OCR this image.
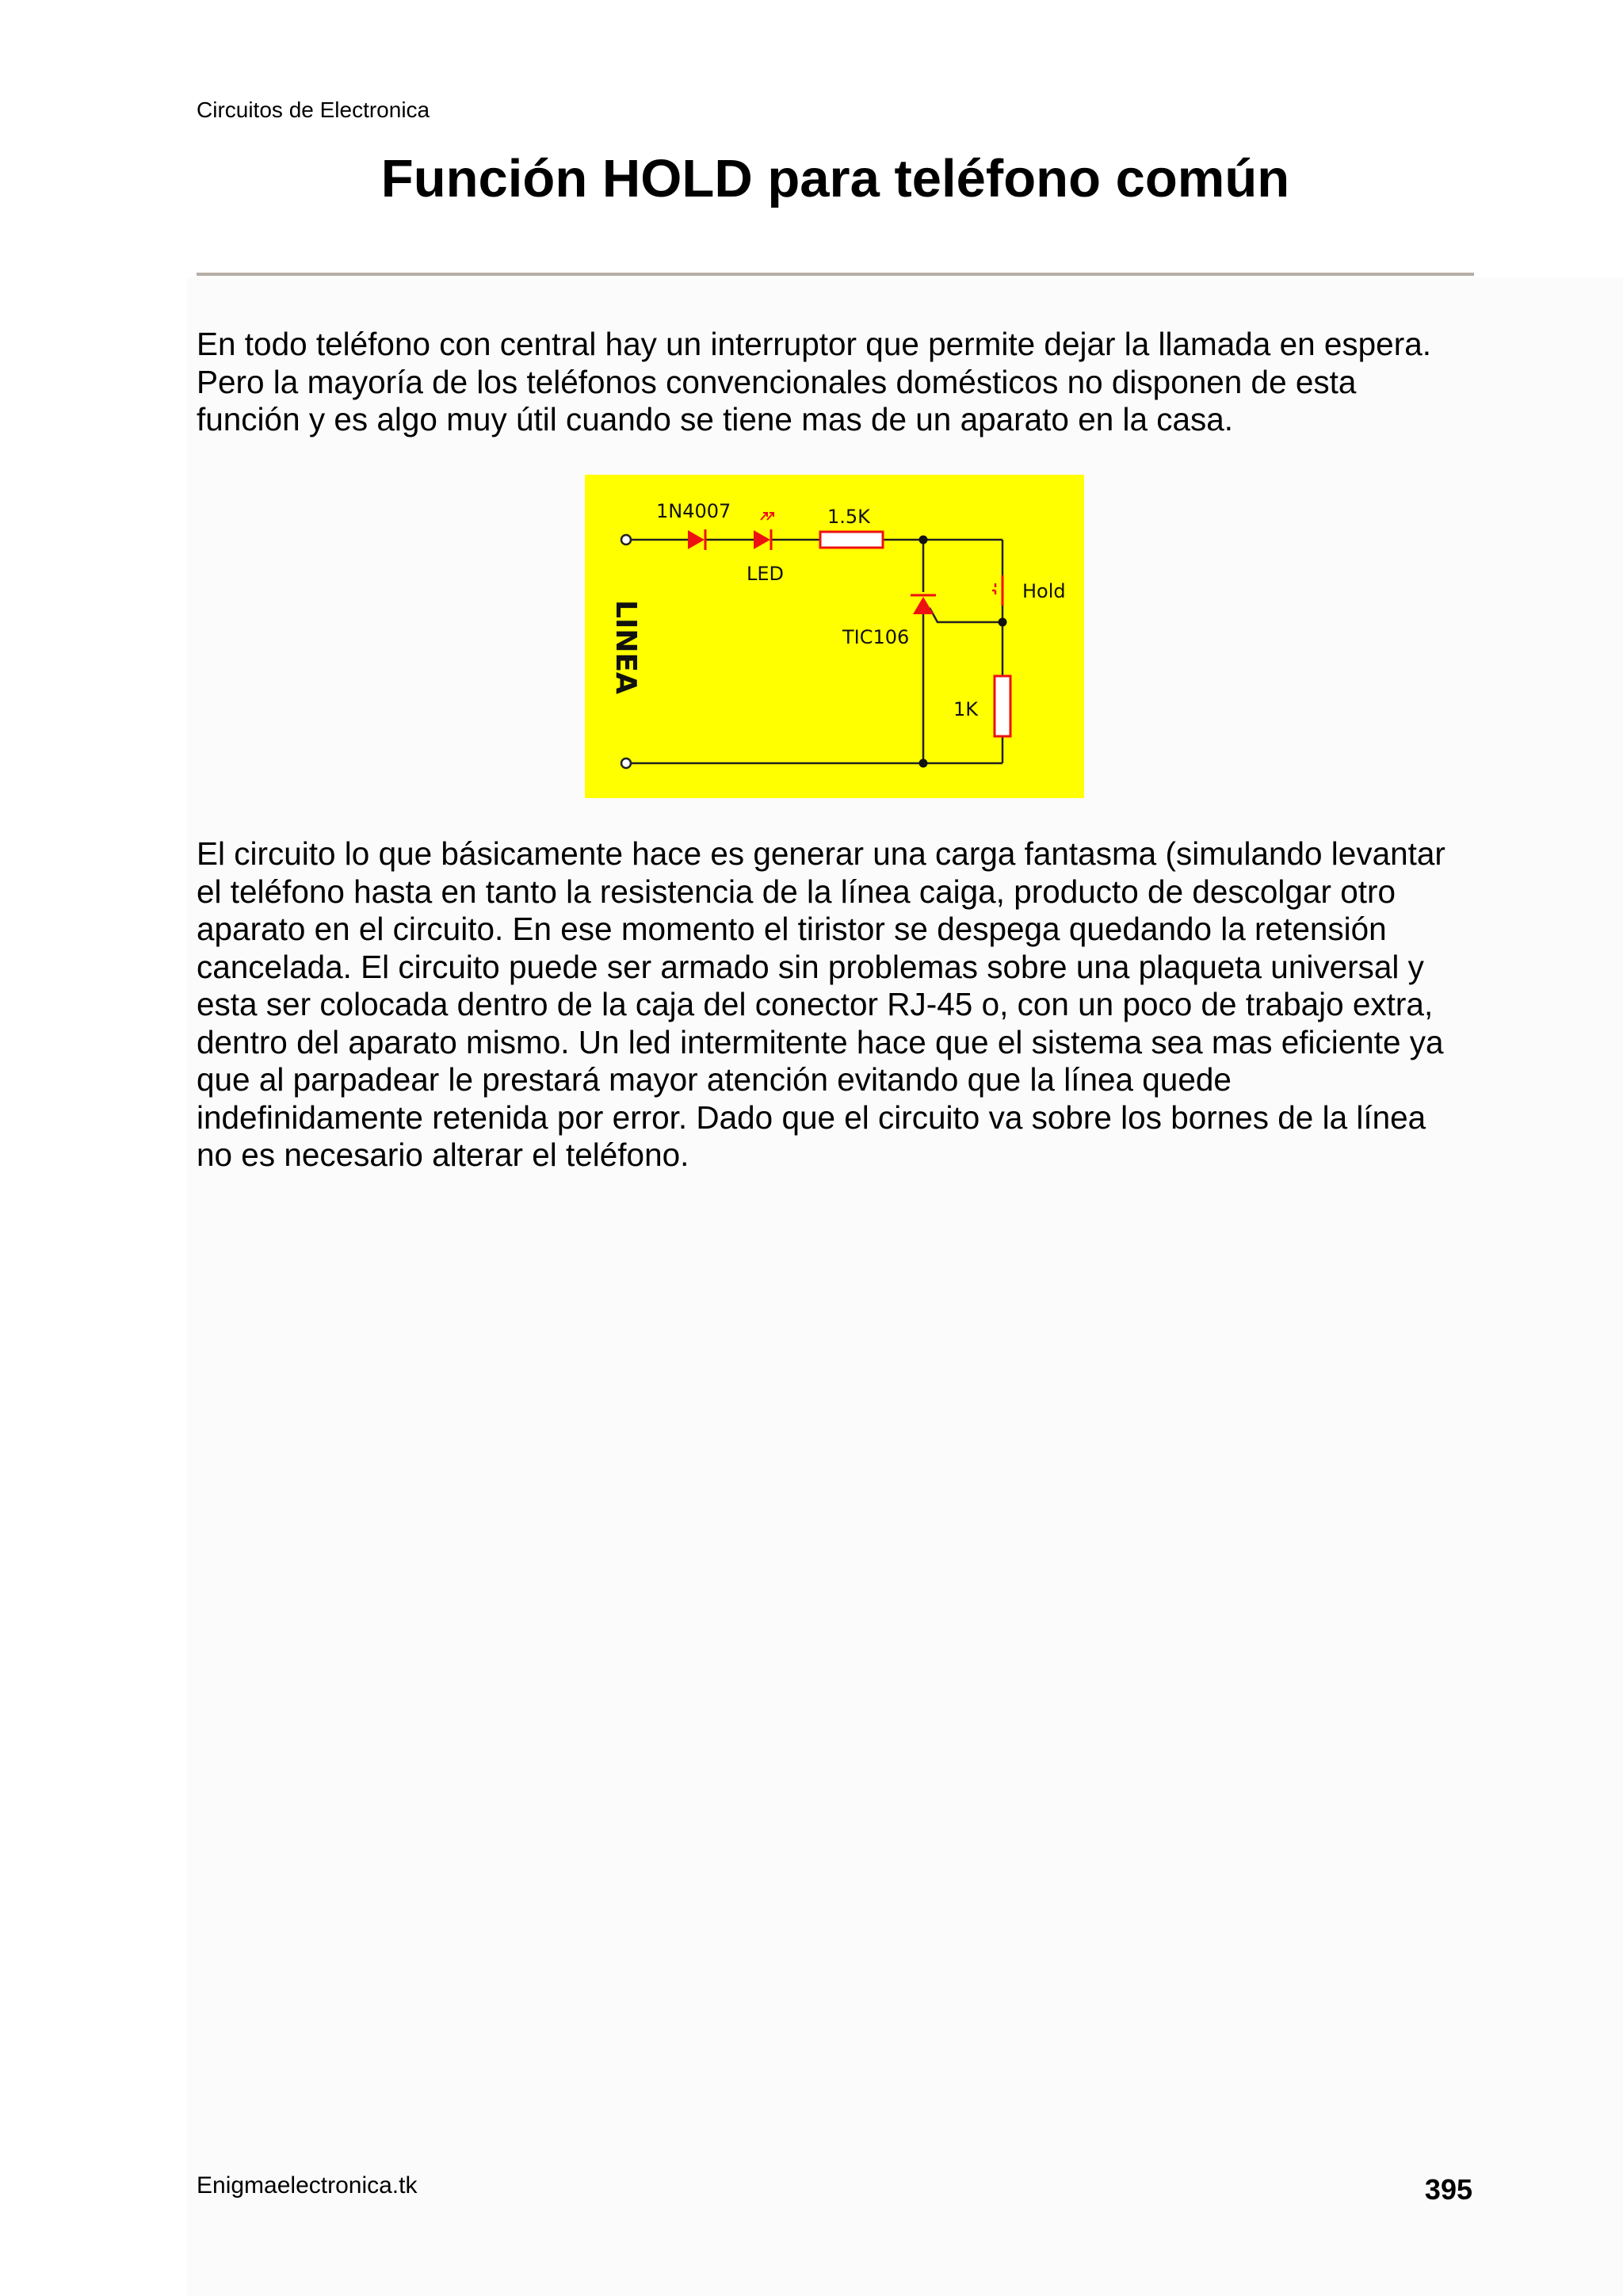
Circuitos de Electronica
Función HOLD para teléfono común

En todo teléfono con central hay un interruptor que permite dejar la llamada en espera.
Pero la mayoría de los teléfonos convencionales domésticos no disponen de esta
función y es algo muy útil cuando se tiene mas de un aparato en la casa.

1N4007
LED
1.5K
Hold
TIC106
1K
LINEA

El circuito lo que básicamente hace es generar una carga fantasma (simulando levantar
el teléfono hasta en tanto la resistencia de la línea caiga, producto de descolgar otro
aparato en el circuito. En ese momento el tiristor se despega quedando la retensión
cancelada. El circuito puede ser armado sin problemas sobre una plaqueta universal y
esta ser colocada dentro de la caja del conector RJ-45 o, con un poco de trabajo extra,
dentro del aparato mismo. Un led intermitente hace que el sistema sea mas eficiente ya
que al parpadear le prestará mayor atención evitando que la línea quede
indefinidamente retenida por error. Dado que el circuito va sobre los bornes de la línea
no es necesario alterar el teléfono.

Enigmaelectronica.tk	395
